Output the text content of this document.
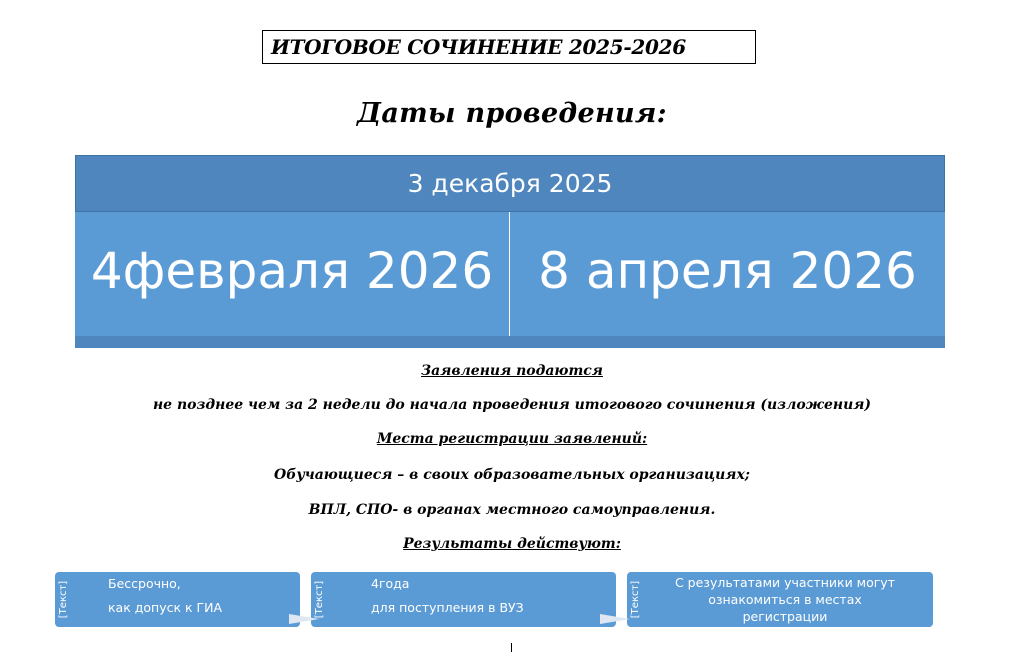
ИТОГОВОЕ СОЧИНЕНИЕ 2025-2026
Даты проведения:
3 декабря 2025
4февраля 2026 8 апреля 2026
Заявления подаются
не позднее чем за 2 недели до начала проведения итогового сочинения (изложения)
Места регистрации заявлений:
Обучающиеся – в своих образовательных организациях;
ВПЛ, СПО- в органах местного самоуправления.
Результаты действуют:
[Текст]	Бессрочно,
как допуск к ГИА	[Текст]	4года
для поступления в ВУЗ	[Текст]	С результатами участники могут
ознакомиться в местах
регистрации
